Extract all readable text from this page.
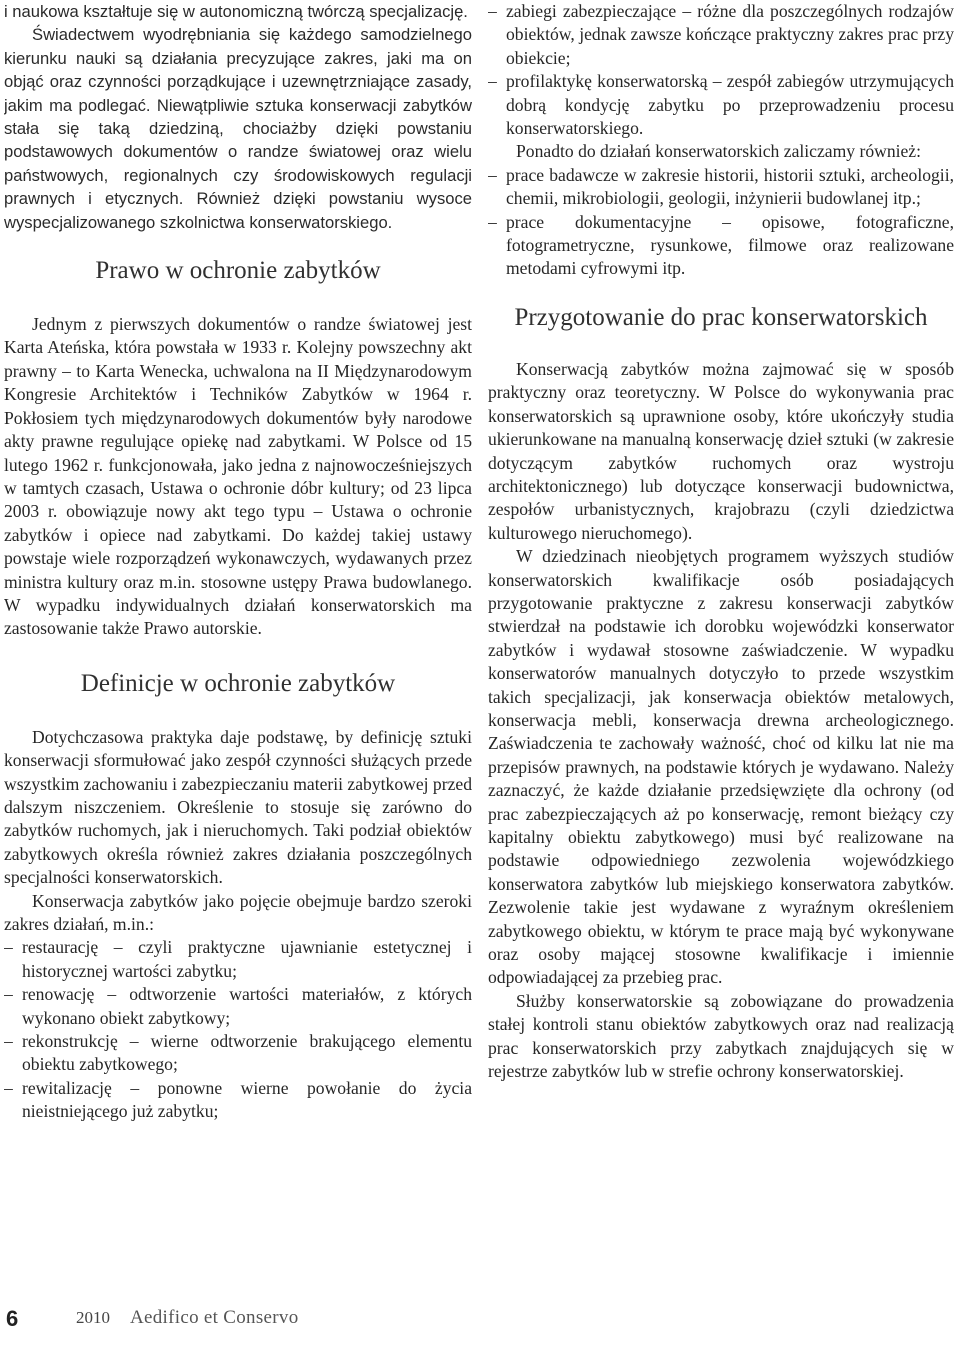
i naukowa kształtuje się w autonomiczną twórczą specjalizację.

Świadectwem wyodrębniania się każdego samodzielnego kierunku nauki są działania precyzujące zakres, jaki ma on objąć oraz czynności porządkujące i uzewnętrzniające zasady, jakim ma podlegać. Niewątpliwie sztuka konserwacji zabytków stała się taką dziedziną, chociażby dzięki powstaniu podstawowych dokumentów o randze światowej oraz wielu państwowych, regionalnych czy środowiskowych regulacji prawnych i etycznych. Również dzięki powstaniu wysoce wyspecjalizowanego szkolnictwa konserwatorskiego.

Prawo w ochronie zabytków

Jednym z pierwszych dokumentów o randze światowej jest Karta Ateńska, która powstała w 1933 r. Kolejny powszechny akt prawny – to Karta Wenecka, uchwalona na II Międzynarodowym Kongresie Architektów i Techników Zabytków w 1964 r. Pokłosiem tych międzynarodowych dokumentów były narodowe akty prawne regulujące opiekę nad zabytkami. W Polsce od 15 lutego 1962 r. funkcjonowała, jako jedna z najnowocześniejszych w tamtych czasach, Ustawa o ochronie dóbr kultury; od 23 lipca 2003 r. obowiązuje nowy akt tego typu – Ustawa o ochronie zabytków i opiece nad zabytkami. Do każdej takiej ustawy powstaje wiele rozporządzeń wykonawczych, wydawanych przez ministra kultury oraz m.in. stosowne ustępy Prawa budowlanego. W wypadku indywidualnych działań konserwatorskich ma zastosowanie także Prawo autorskie.

Definicje w ochronie zabytków

Dotychczasowa praktyka daje podstawę, by definicję sztuki konserwacji sformułować jako zespół czynności służących przede wszystkim zachowaniu i zabezpieczaniu materii zabytkowej przed dalszym niszczeniem. Określenie to stosuje się zarówno do zabytków ruchomych, jak i nieruchomych. Taki podział obiektów zabytkowych określa również zakres działania poszczególnych specjalności konserwatorskich.

Konserwacja zabytków jako pojęcie obejmuje bardzo szeroki zakres działań, m.in.:

– restaurację – czyli praktyczne ujawnianie estetycznej i historycznej wartości zabytku;
– renowację – odtworzenie wartości materiałów, z których wykonano obiekt zabytkowy;
– rekonstrukcję – wierne odtworzenie brakującego elementu obiektu zabytkowego;
– rewitalizację – ponowne wierne powołanie do życia nieistniejącego już zabytku;
– zabiegi zabezpieczające – różne dla poszczególnych rodzajów obiektów, jednak zawsze kończące praktyczny zakres prac przy obiekcie;
– profilaktykę konserwatorską – zespół zabiegów utrzymujących dobrą kondycję zabytku po przeprowadzeniu procesu konserwatorskiego.

Ponadto do działań konserwatorskich zaliczamy również:

– prace badawcze w zakresie historii, historii sztuki, archeologii, chemii, mikrobiologii, geologii, inżynierii budowlanej itp.;
– prace dokumentacyjne – opisowe, fotograficzne, fotogrametryczne, rysunkowe, filmowe oraz realizowane metodami cyfrowymi itp.
Przygotowanie do prac konserwatorskich

Konserwacją zabytków można zajmować się w sposób praktyczny oraz teoretyczny. W Polsce do wykonywania prac konserwatorskich są uprawnione osoby, które ukończyły studia ukierunkowane na manualną konserwację dzieł sztuki (w zakresie dotyczącym zabytków ruchomych oraz wystroju architektonicznego) lub dotyczące konserwacji budownictwa, zespołów urbanistycznych, krajobrazu (czyli dziedzictwa kulturowego nieruchomego).

W dziedzinach nieobjętych programem wyższych studiów konserwatorskich kwalifikacje osób posiadających przygotowanie praktyczne z zakresu konserwacji zabytków stwierdzał na podstawie ich dorobku wojewódzki konserwator zabytków i wydawał stosowne zaświadczenie. W wypadku konserwatorów manualnych dotyczyło to przede wszystkim takich specjalizacji, jak konserwacja obiektów metalowych, konserwacja mebli, konserwacja drewna archeologicznego. Zaświadczenia te zachowały ważność, choć od kilku lat nie ma przepisów prawnych, na podstawie których je wydawano. Należy zaznaczyć, że każde działanie przedsięwzięte dla ochrony (od prac zabezpieczających aż po konserwację, remont bieżący czy kapitalny obiektu zabytkowego) musi być realizowane na podstawie odpowiedniego zezwolenia wojewódzkiego konserwatora zabytków lub miejskiego konserwatora zabytków. Zezwolenie takie jest wydawane z wyraźnym określeniem zabytkowego obiektu, w którym te prace mają być wykonywane oraz osoby mającej stosowne kwalifikacje i imiennie odpowiadającej za przebieg prac.

Służby konserwatorskie są zobowiązane do prowadzenia stałej kontroli stanu obiektów zabytkowych oraz nad realizacją prac konserwatorskich przy zabytkach znajdujących się w rejestrze zabytków lub w strefie ochrony konserwatorskiej.

6	2010 Aedifico et Conservo
